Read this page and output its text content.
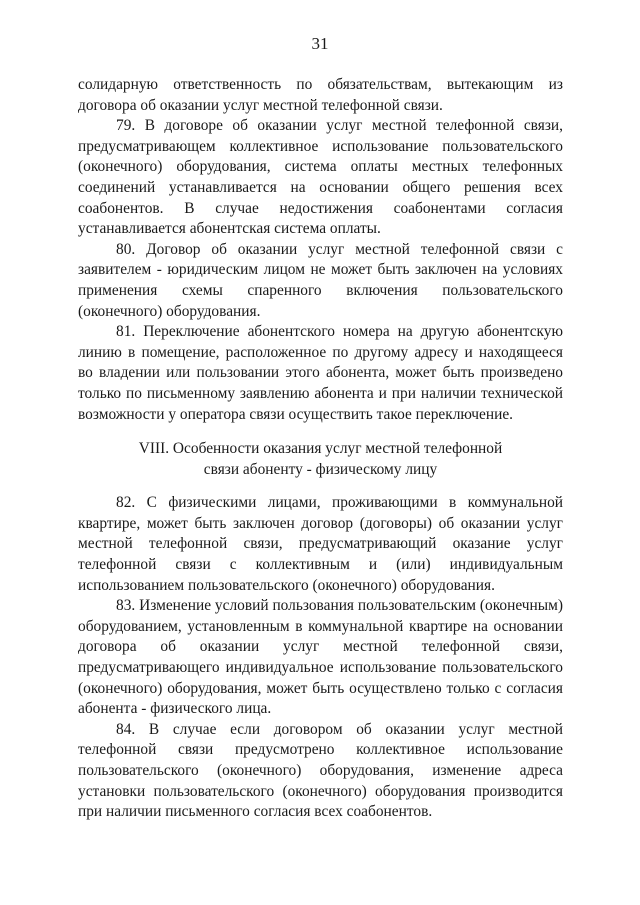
31

солидарную ответственность по обязательствам, вытекающим из договора об оказании услуг местной телефонной связи.

79. В договоре об оказании услуг местной телефонной связи, предусматривающем коллективное использование пользовательского (оконечного) оборудования, система оплаты местных телефонных соединений устанавливается на основании общего решения всех соабонентов. В случае недостижения соабонентами согласия устанавливается абонентская система оплаты.

80. Договор об оказании услуг местной телефонной связи с заявителем - юридическим лицом не может быть заключен на условиях применения схемы спаренного включения пользовательского (оконечного) оборудования.

81. Переключение абонентского номера на другую абонентскую линию в помещение, расположенное по другому адресу и находящееся во владении или пользовании этого абонента, может быть произведено только по письменному заявлению абонента и при наличии технической возможности у оператора связи осуществить такое переключение.

VIII. Особенности оказания услуг местной телефонной
связи абоненту - физическому лицу

82. С физическими лицами, проживающими в коммунальной квартире, может быть заключен договор (договоры) об оказании услуг местной телефонной связи, предусматривающий оказание услуг телефонной связи с коллективным и (или) индивидуальным использованием пользовательского (оконечного) оборудования.

83. Изменение условий пользования пользовательским (оконечным) оборудованием, установленным в коммунальной квартире на основании договора об оказании услуг местной телефонной связи, предусматривающего индивидуальное использование пользовательского (оконечного) оборудования, может быть осуществлено только с согласия абонента - физического лица.

84. В случае если договором об оказании услуг местной телефонной связи предусмотрено коллективное использование пользовательского (оконечного) оборудования, изменение адреса установки пользовательского (оконечного) оборудования производится при наличии письменного согласия всех соабонентов.
